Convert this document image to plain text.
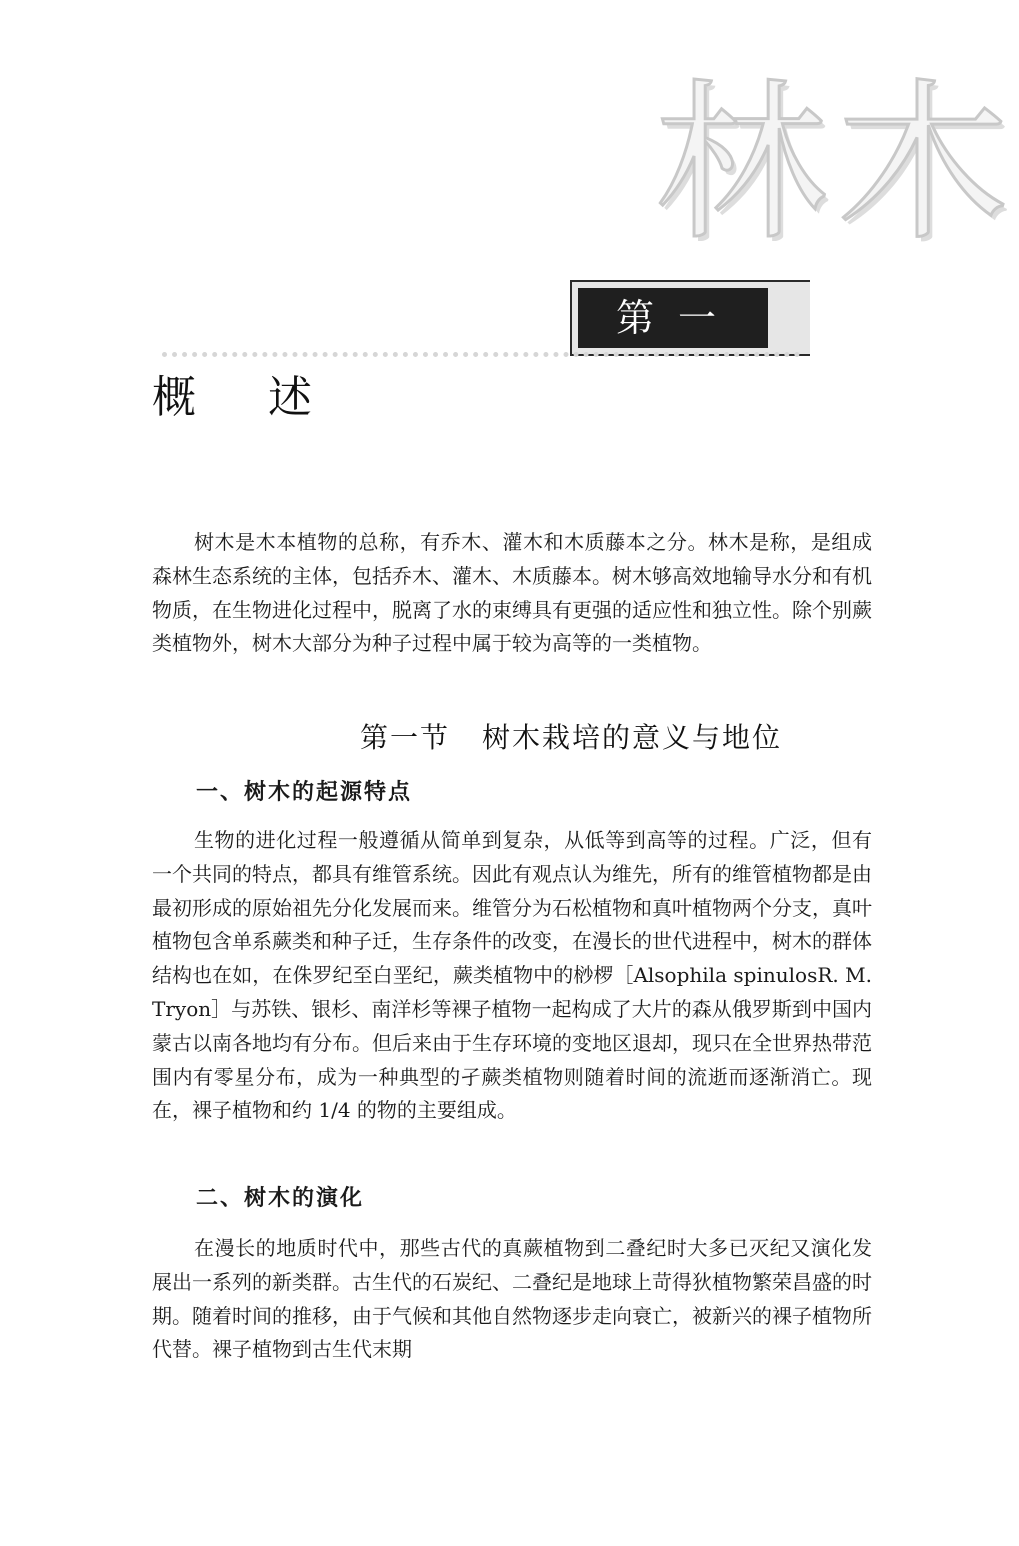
林木
第一章
概述

树木是木本植物的总称，有乔木、灌木和木质藤本之分。林木是称，是组成森林生态系统的主体，包括乔木、灌木、木质藤本。树木够高效地输导水分和有机物质，在生物进化过程中，脱离了水的束缚具有更强的适应性和独立性。除个别蕨类植物外，树木大部分为种子过程中属于较为高等的一类植物。

第一节 树木栽培的意义与地位
一、树木的起源特点

生物的进化过程一般遵循从简单到复杂，从低等到高等的过程。广泛，但有一个共同的特点，都具有维管系统。因此有观点认为维先，所有的维管植物都是由最初形成的原始祖先分化发展而来。维管分为石松植物和真叶植物两个分支，真叶植物包含单系蕨类和种子迁，生存条件的改变，在漫长的世代进程中，树木的群体结构也在如，在侏罗纪至白垩纪，蕨类植物中的桫椤［Alsophila spinulosR. M. Tryon］与苏铁、银杉、南洋杉等裸子植物一起构成了大片的森从俄罗斯到中国内蒙古以南各地均有分布。但后来由于生存环境的变地区退却，现只在全世界热带范围内有零星分布，成为一种典型的孑蕨类植物则随着时间的流逝而逐渐消亡。现在，裸子植物和约 1/4 的物的主要组成。

二、树木的演化

在漫长的地质时代中，那些古代的真蕨植物到二叠纪时大多已灭纪又演化发展出一系列的新类群。古生代的石炭纪、二叠纪是地球上苛得狄植物繁荣昌盛的时期。随着时间的推移，由于气候和其他自然物逐步走向衰亡，被新兴的裸子植物所代替。裸子植物到古生代末期
